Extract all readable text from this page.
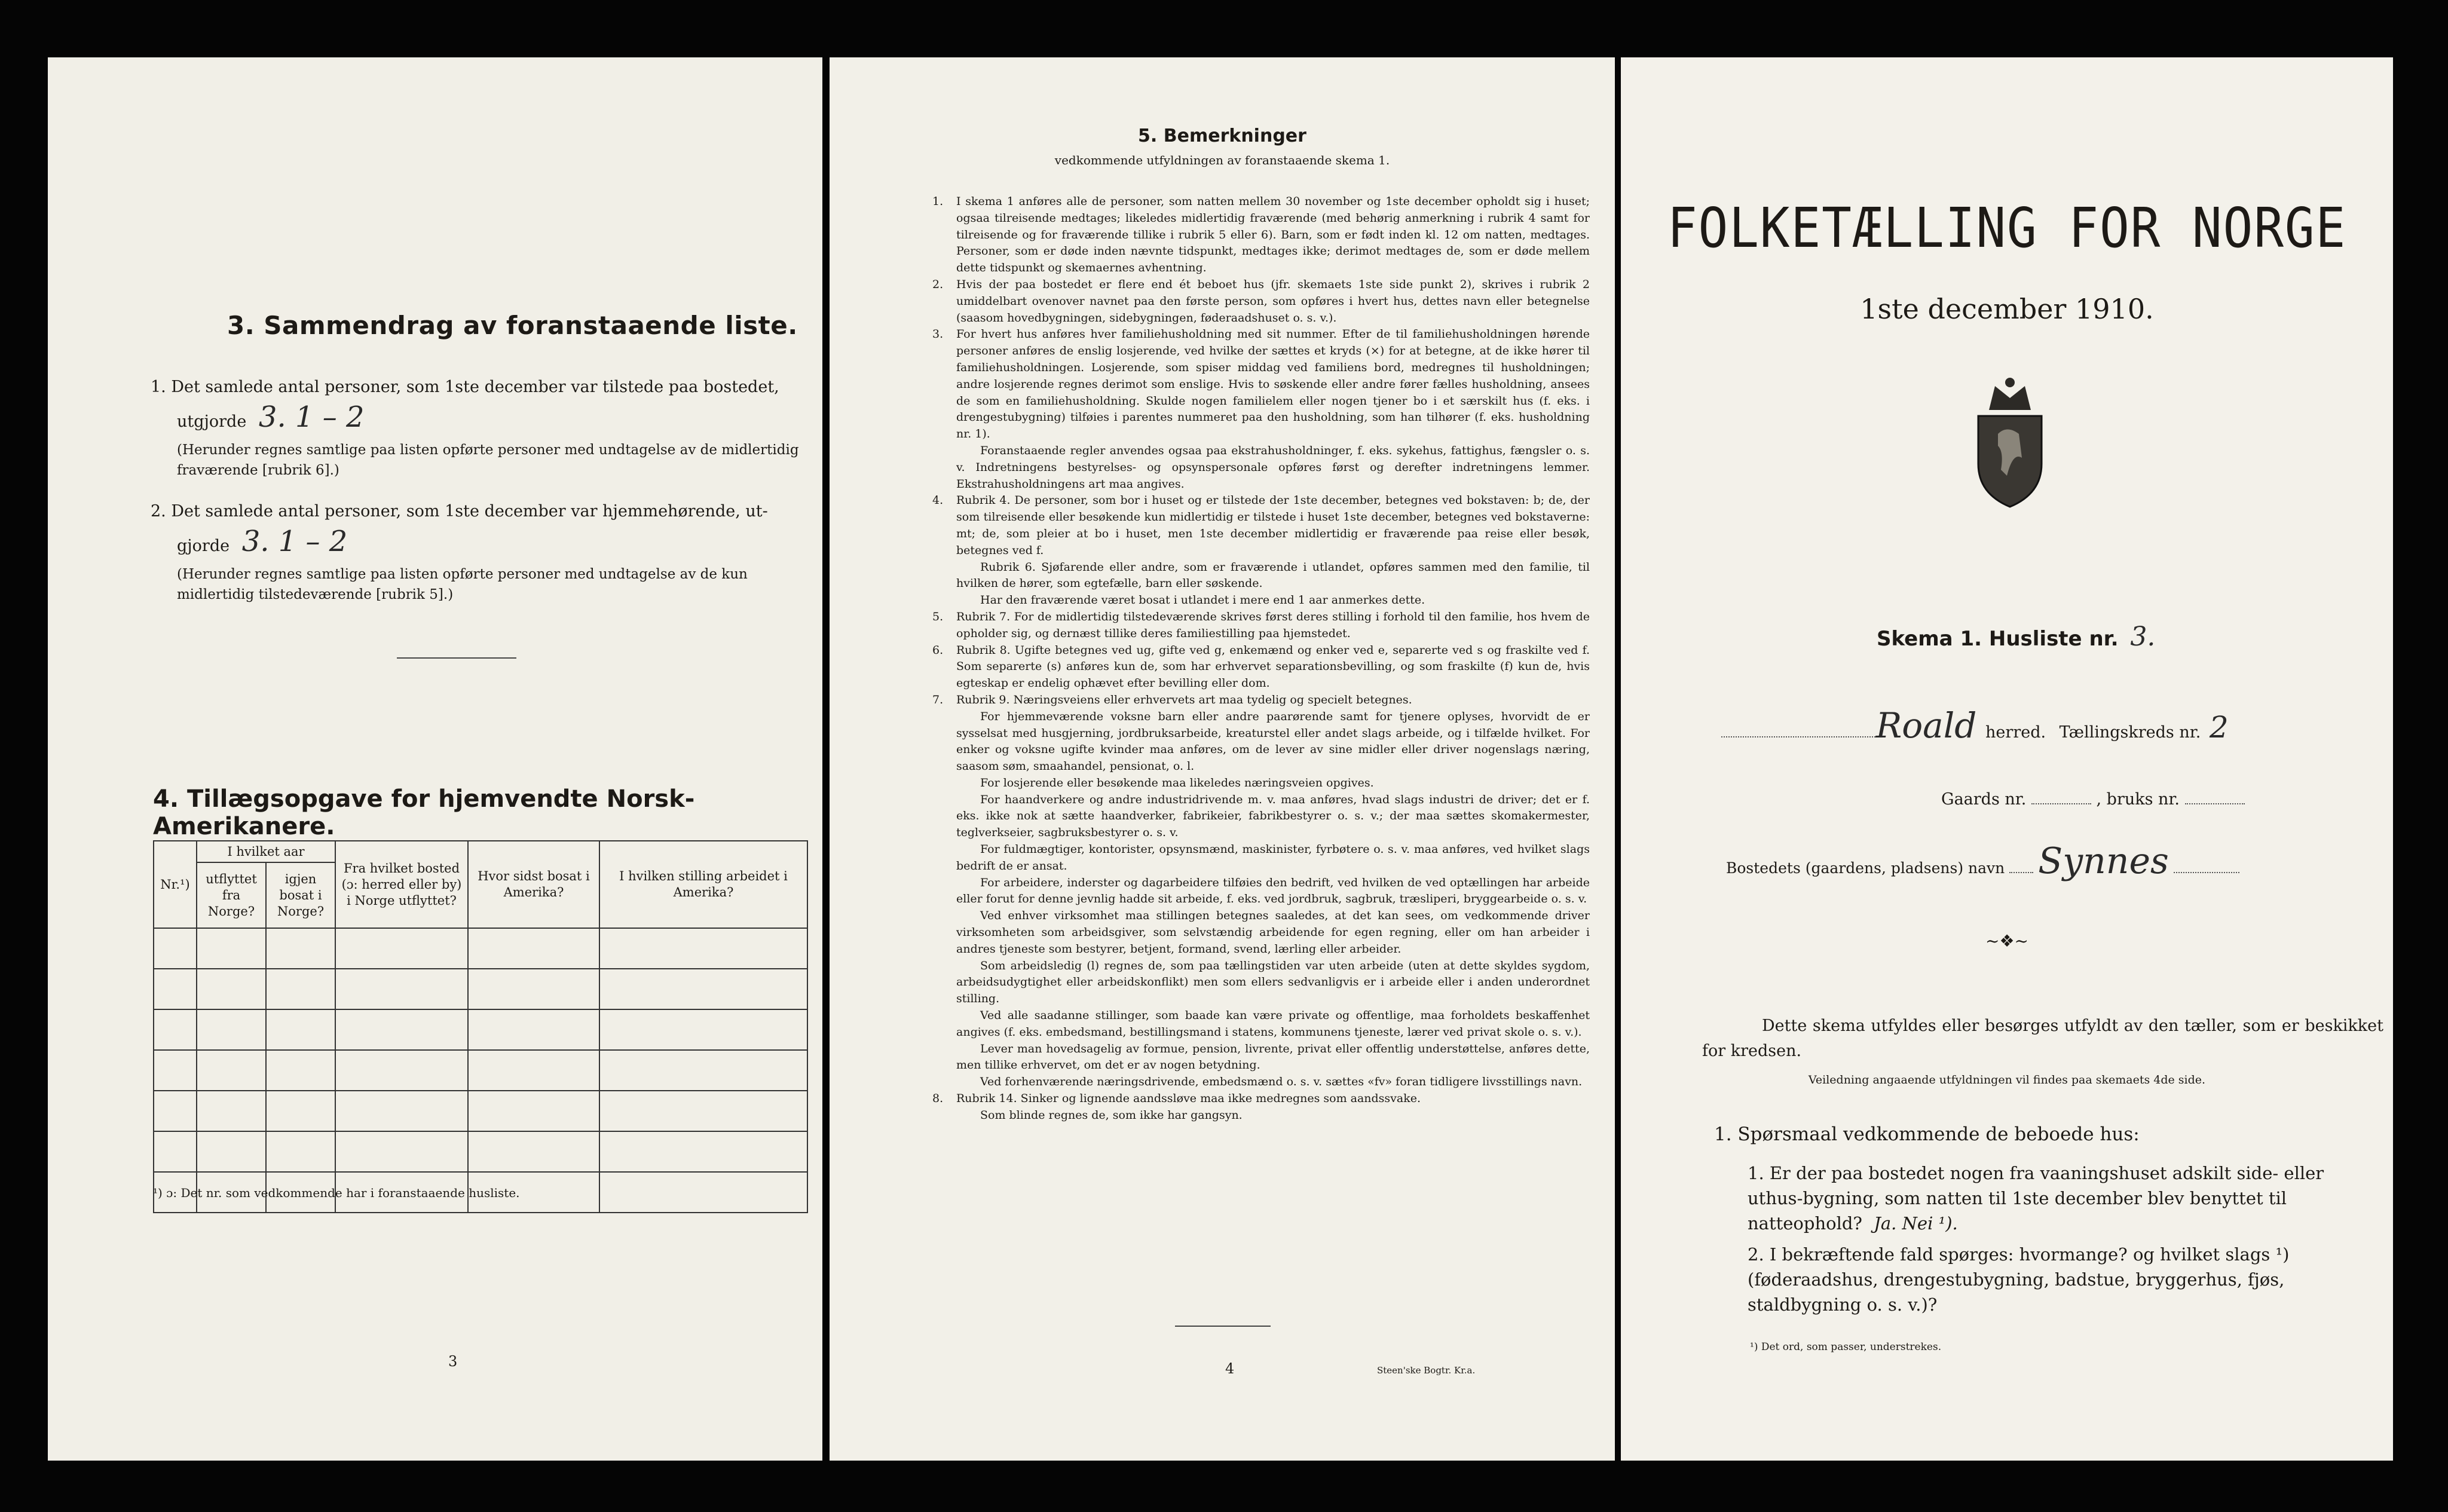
3. Sammendrag av foranstaaende liste.
1. Det samlede antal personer, som 1ste december var tilstede paa bostedet,
utgjorde 3. 1 – 2
(Herunder regnes samtlige paa listen opførte personer med undtagelse av de midlertidig fraværende [rubrik 6].)
2. Det samlede antal personer, som 1ste december var hjemmehørende, ut-
gjorde 3. 1 – 2
(Herunder regnes samtlige paa listen opførte personer med undtagelse av de kun midlertidig tilstedeværende [rubrik 5].)
4. Tillægsopgave for hjemvendte Norsk-Amerikanere.
Nr.¹)	I hvilket aar		Fra hvilket bosted (ɔ: herred eller by) i Norge utflyttet?	Hvor sidst bosat i Amerika?	I hvilken stilling arbeidet i Amerika?
	utflyttet fra Norge?	igjen bosat i Norge?			

¹) ɔ: Det nr. som vedkommende har i foranstaaende husliste.
3
5. Bemerkninger
vedkommende utfyldningen av foranstaaende skema 1.

1. I skema 1 anføres alle de personer, som natten mellem 30 november og 1ste december opholdt sig i huset; ogsaa tilreisende medtages; likeledes midlertidig fraværende (med behørig anmerkning i rubrik 4 samt for tilreisende og for fraværende tillike i rubrik 5 eller 6). Barn, som er født inden kl. 12 om natten, medtages. Personer, som er døde inden nævnte tidspunkt, medtages ikke; derimot medtages de, som er døde mellem dette tidspunkt og skemaernes avhentning.

2. Hvis der paa bostedet er flere end ét beboet hus (jfr. skemaets 1ste side punkt 2), skrives i rubrik 2 umiddelbart ovenover navnet paa den første person, som opføres i hvert hus, dettes navn eller betegnelse (saasom hovedbygningen, sidebygningen, føderaadshuset o. s. v.).

3. For hvert hus anføres hver familiehusholdning med sit nummer. Efter de til familiehusholdningen hørende personer anføres de enslig losjerende, ved hvilke der sættes et kryds (×) for at betegne, at de ikke hører til familiehusholdningen. Losjerende, som spiser middag ved familiens bord, medregnes til husholdningen; andre losjerende regnes derimot som enslige. Hvis to søskende eller andre fører fælles husholdning, ansees de som en familiehusholdning. Skulde nogen familielem eller nogen tjener bo i et særskilt hus (f. eks. i drengestubygning) tilføies i parentes nummeret paa den husholdning, som han tilhører (f. eks. husholdning nr. 1).

Foranstaaende regler anvendes ogsaa paa ekstrahusholdninger, f. eks. sykehus, fattighus, fængsler o. s. v. Indretningens bestyrelses- og opsynspersonale opføres først og derefter indretningens lemmer. Ekstrahusholdningens art maa angives.

4. Rubrik 4. De personer, som bor i huset og er tilstede der 1ste december, betegnes ved bokstaven: b; de, der som tilreisende eller besøkende kun midlertidig er tilstede i huset 1ste december, betegnes ved bokstaverne: mt; de, som pleier at bo i huset, men 1ste december midlertidig er fraværende paa reise eller besøk, betegnes ved f.

Rubrik 6. Sjøfarende eller andre, som er fraværende i utlandet, opføres sammen med den familie, til hvilken de hører, som egtefælle, barn eller søskende.

Har den fraværende været bosat i utlandet i mere end 1 aar anmerkes dette.

5. Rubrik 7. For de midlertidig tilstedeværende skrives først deres stilling i forhold til den familie, hos hvem de opholder sig, og dernæst tillike deres familiestilling paa hjemstedet.

6. Rubrik 8. Ugifte betegnes ved ug, gifte ved g, enkemænd og enker ved e, separerte ved s og fraskilte ved f. Som separerte (s) anføres kun de, som har erhvervet separationsbevilling, og som fraskilte (f) kun de, hvis egteskap er endelig ophævet efter bevilling eller dom.

7. Rubrik 9. Næringsveiens eller erhvervets art maa tydelig og specielt betegnes.

For hjemmeværende voksne barn eller andre paarørende samt for tjenere oplyses, hvorvidt de er sysselsat med husgjerning, jordbruksarbeide, kreaturstel eller andet slags arbeide, og i tilfælde hvilket. For enker og voksne ugifte kvinder maa anføres, om de lever av sine midler eller driver nogenslags næring, saasom søm, smaahandel, pensionat, o. l.

For losjerende eller besøkende maa likeledes næringsveien opgives.

For haandverkere og andre industridrivende m. v. maa anføres, hvad slags industri de driver; det er f. eks. ikke nok at sætte haandverker, fabrikeier, fabrikbestyrer o. s. v.; der maa sættes skomakermester, teglverkseier, sagbruksbestyrer o. s. v.

For fuldmægtiger, kontorister, opsynsmænd, maskinister, fyrbøtere o. s. v. maa anføres, ved hvilket slags bedrift de er ansat.

For arbeidere, inderster og dagarbeidere tilføies den bedrift, ved hvilken de ved optællingen har arbeide eller forut for denne jevnlig hadde sit arbeide, f. eks. ved jordbruk, sagbruk, træsliperi, bryggearbeide o. s. v.

Ved enhver virksomhet maa stillingen betegnes saaledes, at det kan sees, om vedkommende driver virksomheten som arbeidsgiver, som selvstændig arbeidende for egen regning, eller om han arbeider i andres tjeneste som bestyrer, betjent, formand, svend, lærling eller arbeider.

Som arbeidsledig (l) regnes de, som paa tællingstiden var uten arbeide (uten at dette skyldes sygdom, arbeidsudygtighet eller arbeidskonflikt) men som ellers sedvanligvis er i arbeide eller i anden underordnet stilling.

Ved alle saadanne stillinger, som baade kan være private og offentlige, maa forholdets beskaffenhet angives (f. eks. embedsmand, bestillingsmand i statens, kommunens tjeneste, lærer ved privat skole o. s. v.).

Lever man hovedsagelig av formue, pension, livrente, privat eller offentlig understøttelse, anføres dette, men tillike erhvervet, om det er av nogen betydning.

Ved forhenværende næringsdrivende, embedsmænd o. s. v. sættes «fv» foran tidligere livsstillings navn.

8. Rubrik 14. Sinker og lignende aandssløve maa ikke medregnes som aandssvake.

Som blinde regnes de, som ikke har gangsyn.

4	Steen'ske Bogtr. Kr.a.
FOLKETÆLLING FOR NORGE
1ste december 1910.
Skema 1. Husliste nr. 3.
Roald herred. Tællingskreds nr. 2
Gaards nr.	, bruks nr.
Bostedets (gaardens, pladsens) navn Synnes
~❖~
Dette skema utfyldes eller besørges utfyldt av den tæller, som er beskikket for kredsen.
Veiledning angaaende utfyldningen vil findes paa skemaets 4de side.
1. Spørsmaal vedkommende de beboede hus:
1. Er der paa bostedet nogen fra vaaningshuset adskilt side- eller uthus-bygning, som natten til 1ste december blev benyttet til natteophold? Ja. Nei ¹).
2. I bekræftende fald spørges: hvormange? og hvilket slags ¹) (føderaadshus, drengestubygning, badstue, bryggerhus, fjøs, staldbygning o. s. v.)?
¹) Det ord, som passer, understrekes.
